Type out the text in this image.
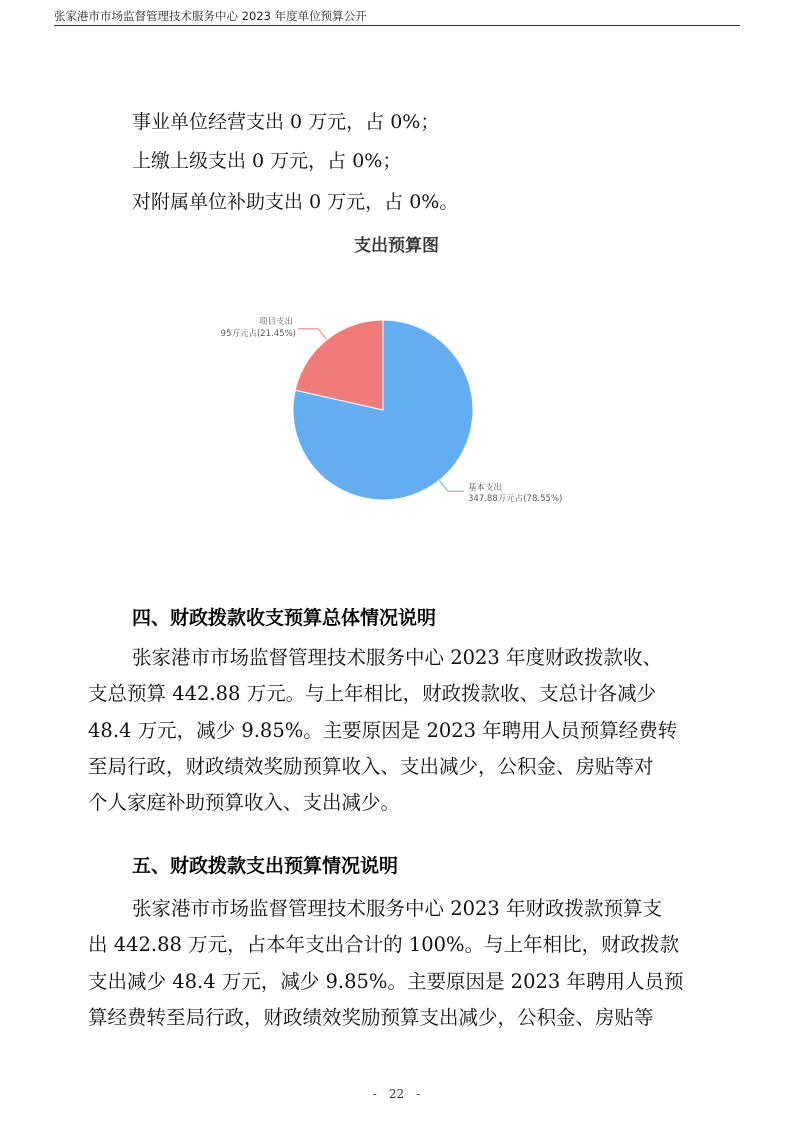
张家港市市场监督管理技术服务中心 2023 年度单位预算公开
事业单位经营支出 0 万元，占 0%；
上缴上级支出 0 万元，占 0%；
对附属单位补助支出 0 万元，占 0%。
支出预算图
项目支出
95万元占(21.45%)
基本支出
347.88万元占(78.55%)
四、财政拨款收支预算总体情况说明
张家港市市场监督管理技术服务中心 2023 年度财政拨款收、
支总预算 442.88 万元。与上年相比，财政拨款收、支总计各减少
48.4 万元，减少 9.85%。主要原因是 2023 年聘用人员预算经费转
至局行政，财政绩效奖励预算收入、支出减少，公积金、房贴等对
个人家庭补助预算收入、支出减少。
五、财政拨款支出预算情况说明
张家港市市场监督管理技术服务中心 2023 年财政拨款预算支
出 442.88 万元，占本年支出合计的 100%。与上年相比，财政拨款
支出减少 48.4 万元，减少 9.85%。主要原因是 2023 年聘用人员预
算经费转至局行政，财政绩效奖励预算支出减少，公积金、房贴等
- 22 -
